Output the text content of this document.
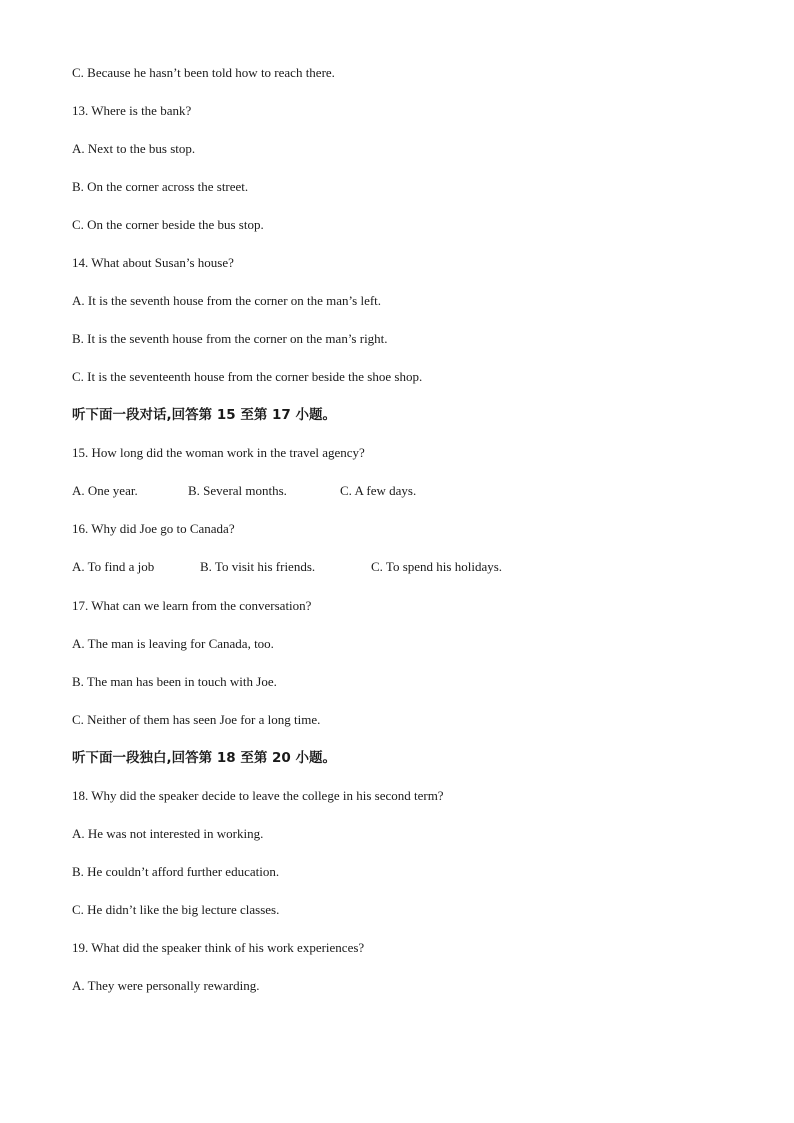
C. Because he hasn’t been told how to reach there.
13. Where is the bank?
A. Next to the bus stop.
B. On the corner across the street.
C. On the corner beside the bus stop.
14. What about Susan’s house?
A. It is the seventh house from the corner on the man’s left.
B. It is the seventh house from the corner on the man’s right.
C. It is the seventeenth house from the corner beside the shoe shop.
听下面一段对话,回答第 15 至第 17 小题。
15. How long did the woman work in the travel agency?
A. One year.	B. Several months.	C. A few days.
16. Why did Joe go to Canada?
A. To find a job	B. To visit his friends.	C. To spend his holidays.
17. What can we learn from the conversation?
A. The man is leaving for Canada, too.
B. The man has been in touch with Joe.
C. Neither of them has seen Joe for a long time.
听下面一段独白,回答第 18 至第 20 小题。
18. Why did the speaker decide to leave the college in his second term?
A. He was not interested in working.
B. He couldn’t afford further education.
C. He didn’t like the big lecture classes.
19. What did the speaker think of his work experiences?
A. They were personally rewarding.
